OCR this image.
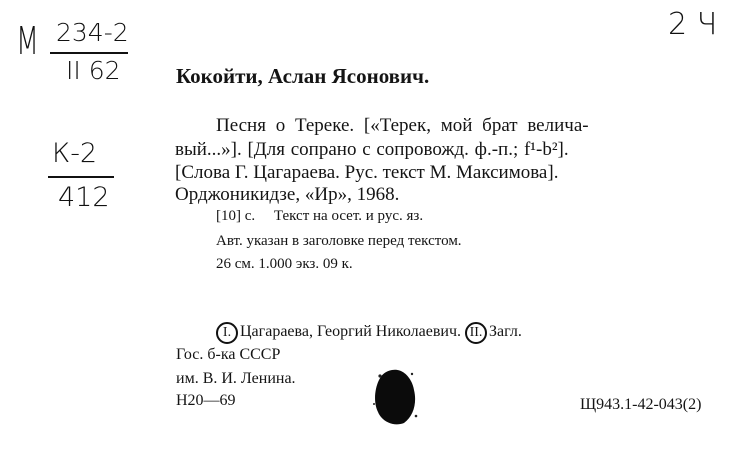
М 234-2
II 62
К-2
412
2 Ч
Кокойти, Аслан Ясонович.
Песня о Тереке. [«Терек, мой брат велича-
вый...»]. [Для сопрано с сопровожд. ф.-п.; f¹-b²].
[Слова Г. Цагараева. Рус. текст М. Максимова].
Орджоникидзе, «Ир», 1968.
[10] с.     Текст на осет. и рус. яз.
Авт. указан в заголовке перед текстом.
26 см. 1.000 экз. 09 к.
I. Цагараева, Георгий Николаевич. II. Загл.
Гос. б-ка СССР
им. В. И. Ленина.
Н20—69	Щ943.1-42-043(2)
